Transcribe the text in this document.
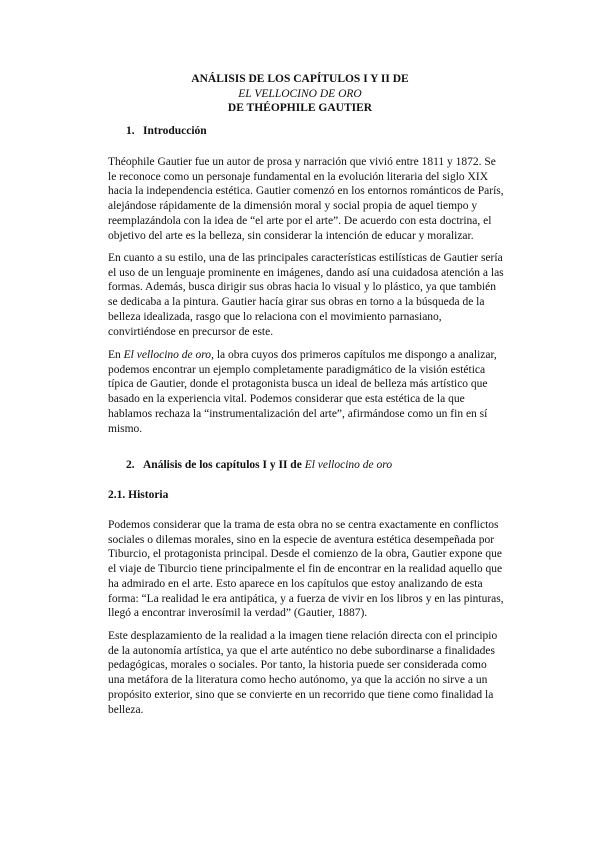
ANÁLISIS DE LOS CAPÍTULOS I Y II DE
EL VELLOCINO DE ORO
DE THÉOPHILE GAUTIER
1. Introducción

Théophile Gautier fue un autor de prosa y narración que vivió entre 1811 y 1872. Se
le reconoce como un personaje fundamental en la evolución literaria del siglo XIX
hacia la independencia estética. Gautier comenzó en los entornos románticos de París,
alejándose rápidamente de la dimensión moral y social propia de aquel tiempo y
reemplazándola con la idea de “el arte por el arte”. De acuerdo con esta doctrina, el
objetivo del arte es la belleza, sin considerar la intención de educar y moralizar.

En cuanto a su estilo, una de las principales características estilísticas de Gautier sería
el uso de un lenguaje prominente en imágenes, dando así una cuidadosa atención a las
formas. Además, busca dirigir sus obras hacia lo visual y lo plástico, ya que también
se dedicaba a la pintura. Gautier hacía girar sus obras en torno a la búsqueda de la
belleza idealizada, rasgo que lo relaciona con el movimiento parnasiano,
convirtiéndose en precursor de este.

En El vellocino de oro, la obra cuyos dos primeros capítulos me dispongo a analizar,
podemos encontrar un ejemplo completamente paradigmático de la visión estética
típica de Gautier, donde el protagonista busca un ideal de belleza más artístico que
basado en la experiencia vital. Podemos considerar que esta estética de la que
hablamos rechaza la “instrumentalización del arte”, afirmándose como un fin en sí
mismo.

2. Análisis de los capítulos I y II de El vellocino de oro
2.1. Historia

Podemos considerar que la trama de esta obra no se centra exactamente en conflictos
sociales o dilemas morales, sino en la especie de aventura estética desempeñada por
Tiburcio, el protagonista principal. Desde el comienzo de la obra, Gautier expone que
el viaje de Tiburcio tiene principalmente el fin de encontrar en la realidad aquello que
ha admirado en el arte. Esto aparece en los capítulos que estoy analizando de esta
forma: “La realidad le era antipática, y a fuerza de vivir en los libros y en las pinturas,
llegó a encontrar inverosímil la verdad” (Gautier, 1887).

Este desplazamiento de la realidad a la imagen tiene relación directa con el principio
de la autonomía artística, ya que el arte auténtico no debe subordinarse a finalidades
pedagógicas, morales o sociales. Por tanto, la historia puede ser considerada como
una metáfora de la literatura como hecho autónomo, ya que la acción no sirve a un
propósito exterior, sino que se convierte en un recorrido que tiene como finalidad la
belleza.
